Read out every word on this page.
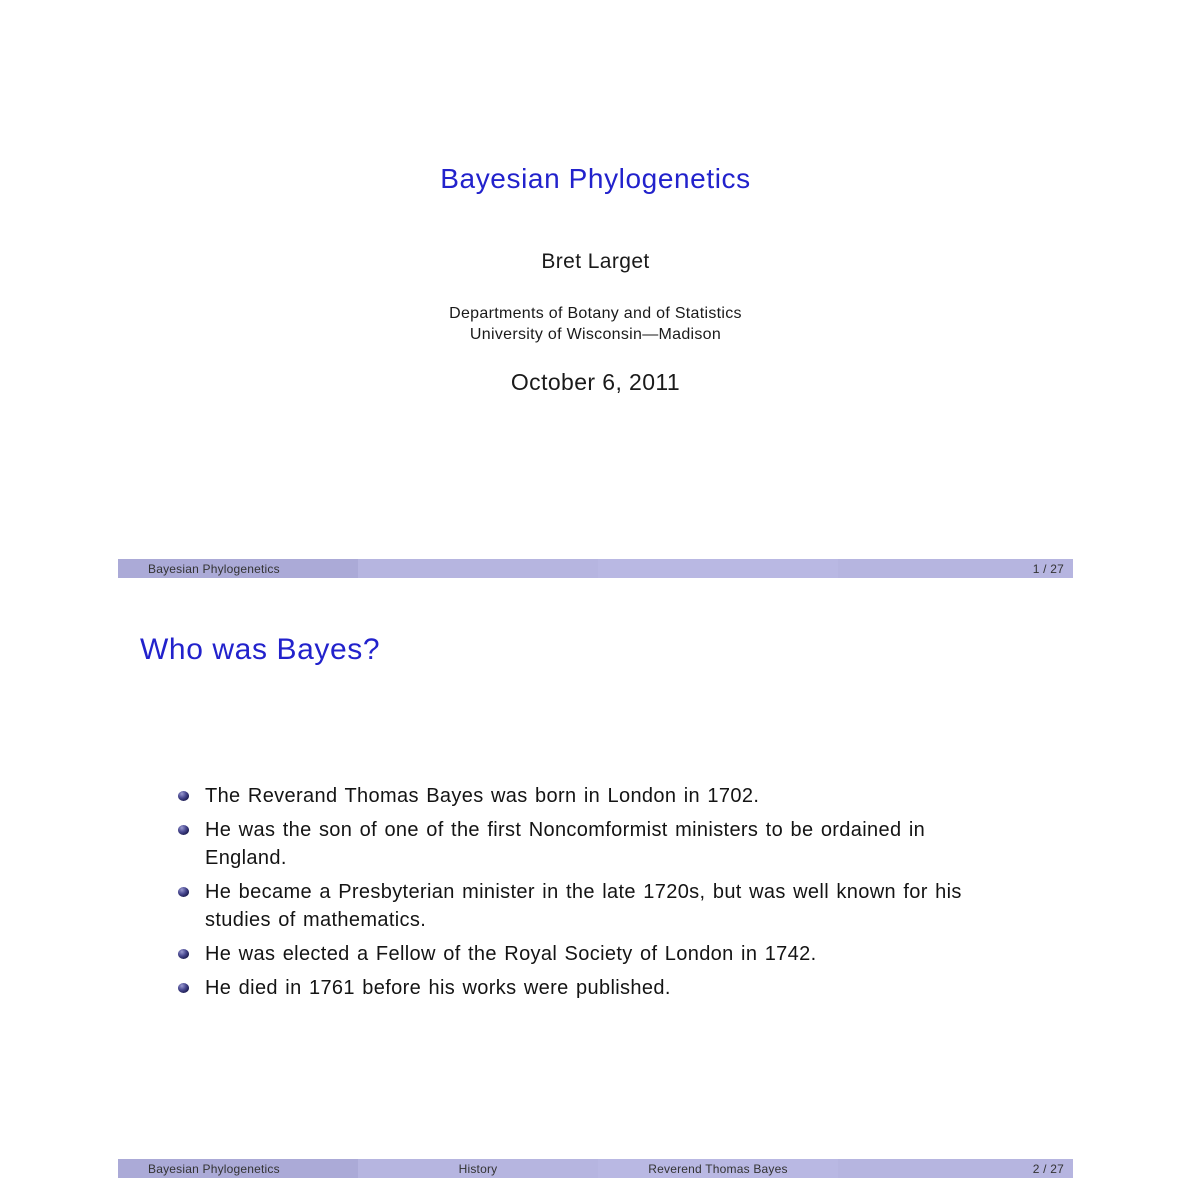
Bayesian Phylogenetics
Bret Larget
Departments of Botany and of Statistics
University of Wisconsin—Madison
October 6, 2011
Bayesian Phylogenetics	1 / 27
Who was Bayes?
The Reverand Thomas Bayes was born in London in 1702.
He was the son of one of the first Noncomformist ministers to be ordained in England.
He became a Presbyterian minister in the late 1720s, but was well known for his studies of mathematics.
He was elected a Fellow of the Royal Society of London in 1742.
He died in 1761 before his works were published.
Bayesian Phylogenetics	History	Reverend Thomas Bayes	2 / 27
